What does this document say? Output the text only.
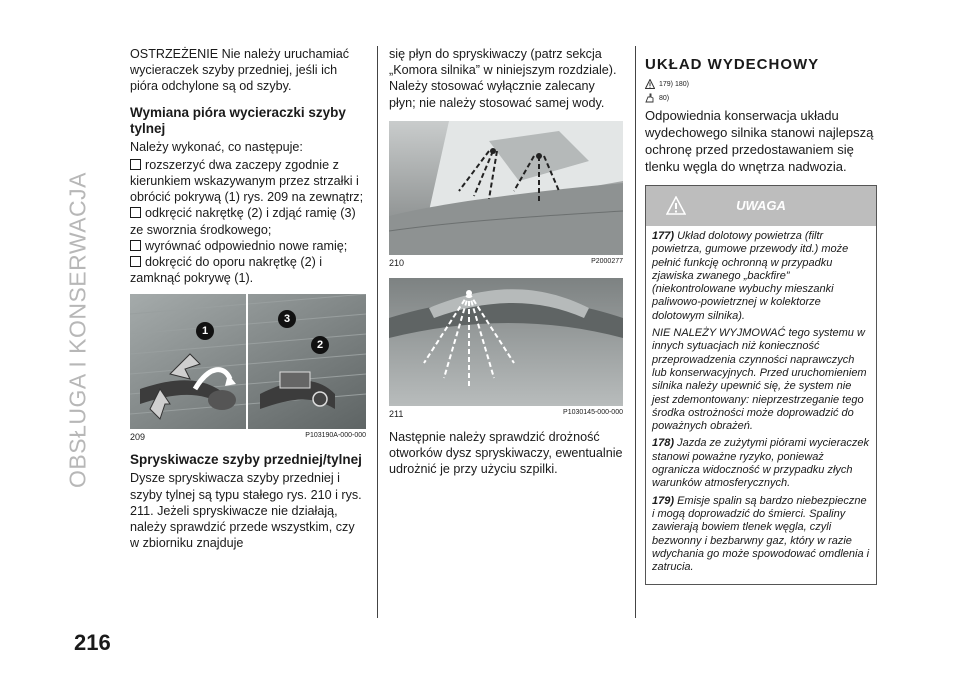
OBSŁUGA I KONSERWACJA
216

OSTRZEŻENIE Nie należy uruchamiać wycieraczek szyby przedniej, jeśli ich pióra odchylone są od szyby.

Wymiana pióra wycieraczki szyby tylnej

Należy wykonać, co następuje:

rozszerzyć dwa zaczepy zgodnie z kierunkiem wskazywanym przez strzałki i obrócić pokrywą (1) rys. 209 na zewnątrz;
odkręcić nakrętkę (2) i zdjąć ramię (3) ze sworznia środkowego;
wyrównać odpowiednio nowe ramię;
dokręcić do oporu nakrętkę (2) i zamknąć pokrywę (1).
1
3
2
209	P103190A-000-000
Spryskiwacze szyby przedniej/tylnej

Dysze spryskiwacza szyby przedniej i szyby tylnej są typu stałego rys. 210 i rys. 211. Jeżeli spryskiwacze nie działają, należy sprawdzić przede wszystkim, czy w zbiorniku znajduje

się płyn do spryskiwaczy (patrz sekcja „Komora silnika” w niniejszym rozdziale). Należy stosować wyłącznie zalecany płyn; nie należy stosować samej wody.

210	P2000277
211	P1030145-000-000

Następnie należy sprawdzić drożność otworków dysz spryskiwaczy, ewentualnie udrożnić je przy użyciu szpilki.

UKŁAD WYDECHOWY
179) 180)
80)

Odpowiednia konserwacja układu wydechowego silnika stanowi najlepszą ochronę przed przedostawaniem się tlenku węgla do wnętrza nadwozia.

UWAGA

177) Układ dolotowy powietrza (filtr powietrza, gumowe przewody itd.) może pełnić funkcję ochronną w przypadku zjawiska zwanego „backfire” (niekontrolowane wybuchy mieszanki paliwowo-powietrznej w kolektorze dolotowym silnika).

NIE NALEŻY WYJMOWAĆ tego systemu w innych sytuacjach niż konieczność przeprowadzenia czynności naprawczych lub konserwacyjnych. Przed uruchomieniem silnika należy upewnić się, że system nie jest zdemontowany: nieprzestrzeganie tego środka ostrożności może doprowadzić do poważnych obrażeń.

178) Jazda ze zużytymi piórami wycieraczek stanowi poważne ryzyko, ponieważ ogranicza widoczność w przypadku złych warunków atmosferycznych.

179) Emisje spalin są bardzo niebezpieczne i mogą doprowadzić do śmierci. Spaliny zawierają bowiem tlenek węgla, czyli bezwonny i bezbarwny gaz, który w razie wdychania go może spowodować omdlenia i zatrucia.
